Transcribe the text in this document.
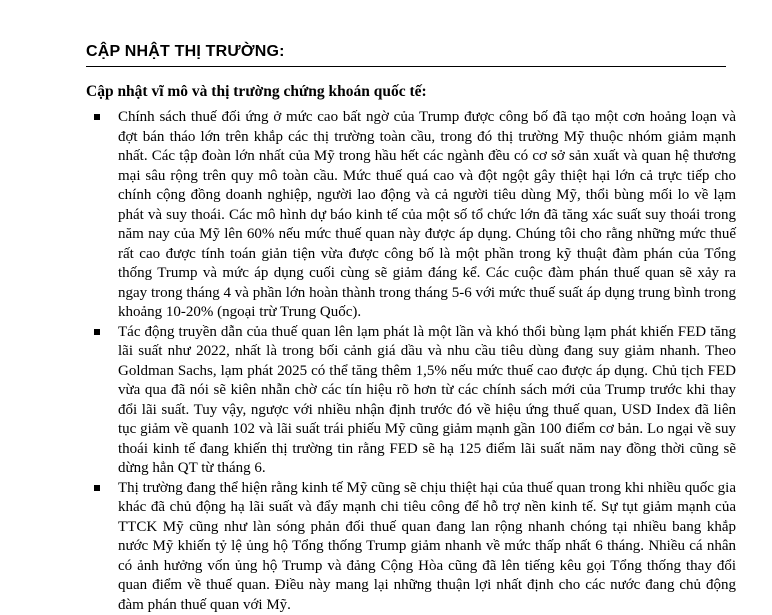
CẬP NHẬT THỊ TRƯỜNG:
Cập nhật vĩ mô và thị trường chứng khoán quốc tế:
Chính sách thuế đối ứng ở mức cao bất ngờ của Trump được công bố đã tạo một cơn hoảng loạn và đợt bán tháo lớn trên khắp các thị trường toàn cầu, trong đó thị trường Mỹ thuộc nhóm giảm mạnh nhất. Các tập đoàn lớn nhất của Mỹ trong hầu hết các ngành đều có cơ sở sản xuất và quan hệ thương mại sâu rộng trên quy mô toàn cầu. Mức thuế quá cao và đột ngột gây thiệt hại lớn cả trực tiếp cho chính cộng đồng doanh nghiệp, người lao động và cả người tiêu dùng Mỹ, thổi bùng mối lo về lạm phát và suy thoái. Các mô hình dự báo kinh tế của một số tổ chức lớn đã tăng xác suất suy thoái trong năm nay của Mỹ lên 60% nếu mức thuế quan này được áp dụng. Chúng tôi cho rằng những mức thuế rất cao được tính toán giản tiện vừa được công bố là một phần trong kỹ thuật đàm phán của Tổng thống Trump và mức áp dụng cuối cùng sẽ giảm đáng kể. Các cuộc đàm phán thuế quan sẽ xảy ra ngay trong tháng 4 và phần lớn hoàn thành trong tháng 5-6 với mức thuế suất áp dụng trung bình trong khoảng 10-20% (ngoại trừ Trung Quốc).
Tác động truyền dẫn của thuế quan lên lạm phát là một lần và khó thổi bùng lạm phát khiến FED tăng lãi suất như 2022, nhất là trong bối cảnh giá dầu và nhu cầu tiêu dùng đang suy giảm nhanh. Theo Goldman Sachs, lạm phát 2025 có thể tăng thêm 1,5% nếu mức thuế cao được áp dụng. Chủ tịch FED vừa qua đã nói sẽ kiên nhẫn chờ các tín hiệu rõ hơn từ các chính sách mới của Trump trước khi thay đổi lãi suất. Tuy vậy, ngược với nhiều nhận định trước đó về hiệu ứng thuế quan, USD Index đã liên tục giảm về quanh 102 và lãi suất trái phiếu Mỹ cũng giảm mạnh gần 100 điểm cơ bản. Lo ngại về suy thoái kinh tế đang khiến thị trường tin rằng FED sẽ hạ 125 điểm lãi suất năm nay đồng thời cũng sẽ dừng hẳn QT từ tháng 6.
Thị trường đang thể hiện rằng kinh tế Mỹ cũng sẽ chịu thiệt hại của thuế quan trong khi nhiều quốc gia khác đã chủ động hạ lãi suất và đẩy mạnh chi tiêu công để hỗ trợ nền kinh tế. Sự tụt giảm mạnh của TTCK Mỹ cũng như làn sóng phản đối thuế quan đang lan rộng nhanh chóng tại nhiều bang khắp nước Mỹ khiến tỷ lệ ủng hộ Tổng thống Trump giảm nhanh về mức thấp nhất 6 tháng. Nhiều cá nhân có ảnh hưởng vốn ủng hộ Trump và đảng Cộng Hòa cũng đã lên tiếng kêu gọi Tổng thống thay đổi quan điểm về thuế quan. Điều này mang lại những thuận lợi nhất định cho các nước đang chủ động đàm phán thuế quan với Mỹ.
